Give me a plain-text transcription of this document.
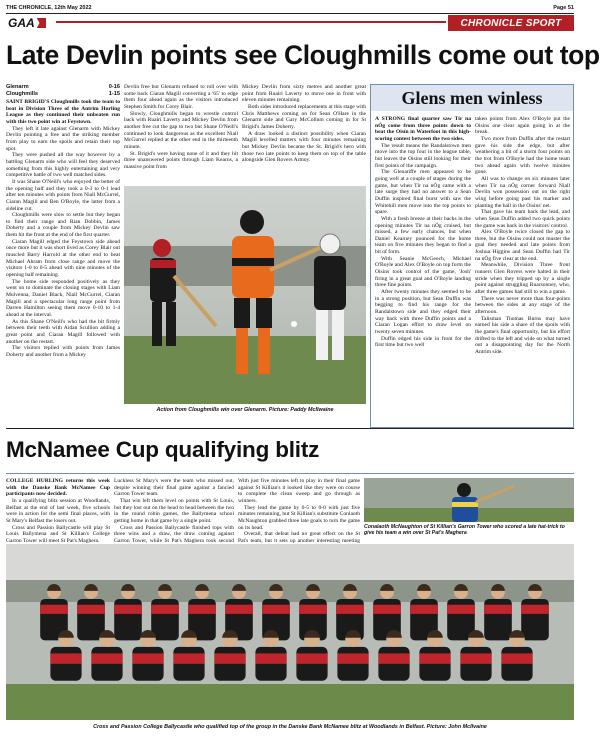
THE CHRONICLE, 12th May 2022	Page 51
GAA	CHRONICLE SPORT
Late Devlin points see Cloughmills come out top
Glenarm	0-16
Cloughmills	1-15

SAINT BRIGID'S Cloughmills took the team to beat in Division Three of the Antrim Hurling League as they continued their unbeaten run with this two point win at Feystown.

They left it late against Glenarm with Mickey Devlin pointing a free and the striking member from play to earn the spoils and retain their top spot.

They were pushed all the way however by a battling Glenarm side who will feel they deserved something from this highly entertaining and very competitive battle of two well matched sides.

It was Shane O'Neill's who enjoyed the better of the opening half and they took a 0-3 to 0-1 lead after ten minutes with points from Niall McGurrel, Ciaran Magill and Ben O'Boyle, the latter from a sideline cut.

Cloughmills were slow to settle but they began to find their range and Rian Dobbin, James Doherty and a couple from Mickey Devlin saw them hit the front at the end of the first quarter.

Ciaran Magill edged the Feystown side ahead once more but it was short lived as Corey Blair out muscled Barry Harrold at the other end to beat Michael Ahram from close range and move the visitors 1-0 to 0-5 ahead with nine minutes of the opening half remaining.

The home side responded positively as they went on to dominate the closing stages with Liam Mulvenna, Daniel Black, Niall McGurrel, Ciaran Magill and a spectacular long range point from Darren Hamilton seeing them move 0-10 to 1-4 ahead at the interval.

As this Shane O'Neill's who had the bit firmly between their teeth with Aidan Scullion adding a great point and Ciaran Magill followed with another on the restart.

The visitors replied with points from James Doherty and another from a Mickey

Devlin free but Glenarm refused to roll over with some back Ciaran Magill converting a '65' to edge them four ahead again as the visitors introduced Stephen Smith for Corey Blair.

Slowly, Cloughmills began to wrestle control back with Ruairi Laverty and Mickey Devlin from another free cut the gap to two but Shane O'Neill's continued to look dangerous as the excellent Niall McGurrel replied at the other end in the thirteenth minute.

St. Brigid's were having none of it and they hit three unanswered points through Liam Kearns, a massive point from

Mickey Devlin from sixty metres and another great point from Ruairi Laverty to move one in front with eleven minutes remaining.

Both sides introduced replacements at this stage with Chris Matthews coming on for Sean O'Hare in the Glenarm side and Gary McCollum coming in for St Brigid's James Doherty.

A draw looked a distinct possibility when Ciaran Magill levelled matters with four minutes remaining but Mickey Devlin became the St. Brigid's hero with those two late points to keep them on top of the table alongside Glen Rovers Armoy.

Action from Cloughmills win over Glenarm. Picture: Paddy McIlwaine
Glens men winless

A STRONG final quarter saw Tír na nÓg come from three points down to beat the Oisín in Waterfoot in this high-scoring contest between the two sides.

The result means the Randalstown men move into the top four in the league table, but leaves the Oisins still looking for their first points of the campaign.

The Glenariffe men appeared to be going well at a couple of stages during the game, but when Tír na nÓg came with a late surge they had no answer to a Sean Duffin inspired final burst with saw the Whitehill men move into the top points to spare.

With a fresh breeze at their backs in the opening minutes Tír na nÓg cruised, but missed, a few early chances, but when Daniel Kearney pounced for the home team on five minutes they began to find a bit of form.

With Seanie McGeoch, Michael O'Boyle and Alex O'Boyle on top form the Oisins took control of the game, 'Josh' firing in a great goal and O'Boyle landing three fine points.

After twenty minutes they seemed to be in a strong position, but Sean Duffin was begging to find his range for the Randalstown side and they edged their way back with three Duffin points and a Ciaran Logan effort to draw level on twenty seven minutes.

Duffin edged his side in front for the first time but two well

taken points from Alex O'Boyle put the Oisins one clear again going in at the break.

Two more from Duffin after the restart gave his side the edge, but after weathering a bit of a storm four points on the trot from O'Boyle had the home team two ahead again with twelve minutes gone.

All was to change on six minutes later when Tír na nÓg corner forward Niall Devlin won possession out on the right wing before going past his marker and planting the ball in the Oisins' net.

That gave his team back the lead, and when Sean Duffin added two quick points the game was back in the visitors' control.

Alex O'Boyle twice closed the gap to three, but the Oisins could not muster the goal they needed and late points from Joshua Higgins and Sean Duffin had Tír na nÓg five clear at the end.

Meanwhile, Division Three front runners Glen Rovers were halted in their stride when they tripped up by a single point against struggling Ruarsonney, who, after three games had still to win a game.

There was never more than four-points between the sides at any stage of the afternoon.

Talisman Thomas Burns may have earned his side a share of the spoils with the game's final opportunity, but his effort drifted to the left and wide on what turned out a disappointing day for the North Antrim side.

McNamee Cup qualifying blitz

COLLEGE HURLING returns this week with the Danske Bank McNamee Cup participants now decided.

In a qualifying blitz session at Woodlands, Belfast at the end of last week, five schools were in action for the semi final places, with St Mary's Belfast the losers out.

Cross and Passion Ballycastle will play St Louis Ballymena and St Killian's College Garron Tower will meet St Pat's Maghera.

Luckless St Mary's were the team who missed out, despite winning their final game against a fancied Garron Tower team.

That win left them level on points with St Louis, but they lost out on the head to head between the two in the round robin games, the Ballymena school getting home in that game by a single point.

Cross and Passion Ballycastle finished tops with three wins and a draw, the draw coming against Garron Tower, while St Pat's Maghera took second

With just five minutes left to play in their final game against St Killian's it looked like they were on course to complete the clean sweep and go through as winners.

They lead the game by 0-5 to 0-0 with just five minutes remaining, but St Killian's substitute Conlaoth McNaughton grabbed three late goals to turn the game on its head.

Overall, that defeat had no great effect on the St Pat's team, but it sets up another interesting meeting

Conalaoth McNaughton of St Killian's Garron Tower who scored a late hat-trick to give his team a win over St Pat's Maghera
Cross and Passion College Ballycastle who qualified top of the group in the Danske Bank McNamee blitz at Woodlands in Belfast. Picture: John McIlvaine
